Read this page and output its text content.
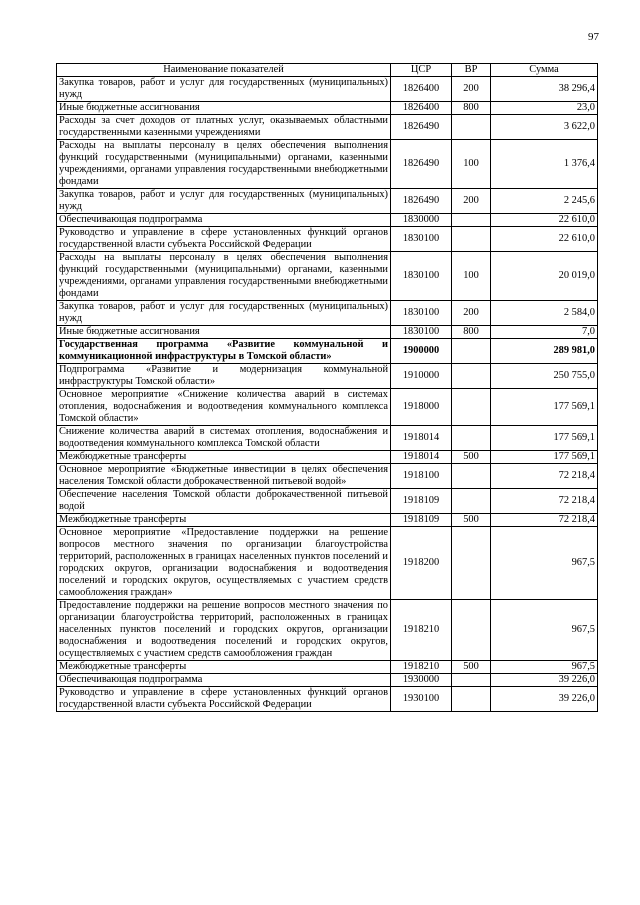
97
Наименование показателей	ЦСР	ВР	Сумма
Закупка товаров, работ и услуг для государственных (муниципальных) нужд	1826400	200	38 296,4
Иные бюджетные ассигнования	1826400	800	23,0
Расходы за счет доходов от платных услуг, оказываемых областными государственными казенными учреждениями	1826490		3 622,0
Расходы на выплаты персоналу в целях обеспечения выполнения функций государственными (муниципальными) органами, казенными учреждениями, органами управления государственными внебюджетными фондами	1826490	100	1 376,4
Закупка товаров, работ и услуг для государственных (муниципальных) нужд	1826490	200	2 245,6
Обеспечивающая подпрограмма	1830000		22 610,0
Руководство и управление в сфере установленных функций органов государственной власти субъекта Российской Федерации	1830100		22 610,0
Расходы на выплаты персоналу в целях обеспечения выполнения функций государственными (муниципальными) органами, казенными учреждениями, органами управления государственными внебюджетными фондами	1830100	100	20 019,0
Закупка товаров, работ и услуг для государственных (муниципальных) нужд	1830100	200	2 584,0
Иные бюджетные ассигнования	1830100	800	7,0
Государственная программа «Развитие коммунальной и коммуникационной инфраструктуры в Томской области»	1900000		289 981,0
Подпрограмма «Развитие и модернизация коммунальной инфраструктуры Томской области»	1910000		250 755,0
Основное мероприятие «Снижение количества аварий в системах отопления, водоснабжения и водоотведения коммунального комплекса Томской области»	1918000		177 569,1
Снижение количества аварий в системах отопления, водоснабжения и водоотведения коммунального комплекса Томской области	1918014		177 569,1
Межбюджетные трансферты	1918014	500	177 569,1
Основное мероприятие «Бюджетные инвестиции в целях обеспечения населения Томской области доброкачественной питьевой водой»	1918100		72 218,4
Обеспечение населения Томской области доброкачественной питьевой водой	1918109		72 218,4
Межбюджетные трансферты	1918109	500	72 218,4
Основное мероприятие «Предоставление поддержки на решение вопросов местного значения по организации благоустройства территорий, расположенных в границах населенных пунктов поселений и городских округов, организации водоснабжения и водоотведения поселений и городских округов, осуществляемых с участием средств самообложения граждан»	1918200		967,5
Предоставление поддержки на решение вопросов местного значения по организации благоустройства территорий, расположенных в границах населенных пунктов поселений и городских округов, организации водоснабжения и водоотведения поселений и городских округов, осуществляемых с участием средств самообложения граждан	1918210		967,5
Межбюджетные трансферты	1918210	500	967,5
Обеспечивающая подпрограмма	1930000		39 226,0
Руководство и управление в сфере установленных функций органов государственной власти субъекта Российской Федерации	1930100		39 226,0
